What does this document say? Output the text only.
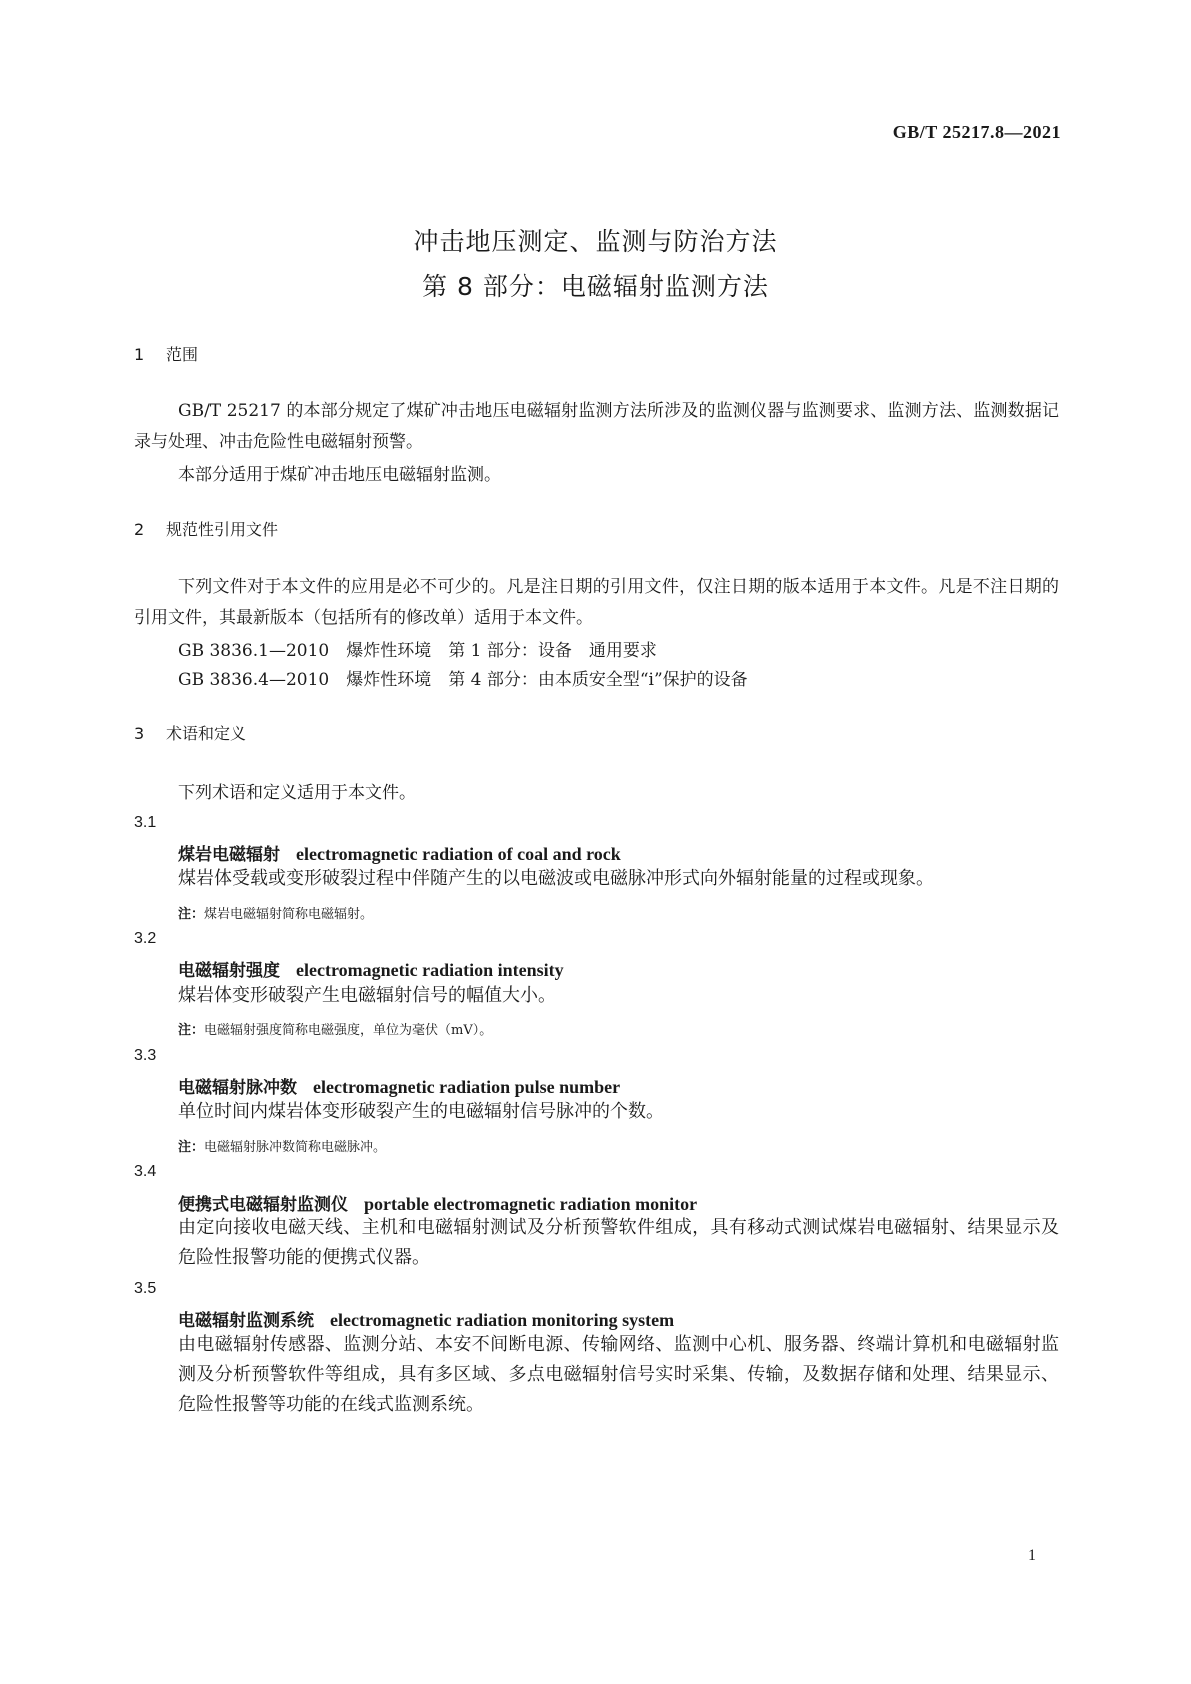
GB/T 25217.8—2021
冲击地压测定、监测与防治方法
第 8 部分：电磁辐射监测方法
1 范围
GB/T 25217 的本部分规定了煤矿冲击地压电磁辐射监测方法所涉及的监测仪器与监测要求、监测方法、监测数据记录与处理、冲击危险性电磁辐射预警。
本部分适用于煤矿冲击地压电磁辐射监测。
2 规范性引用文件
下列文件对于本文件的应用是必不可少的。凡是注日期的引用文件，仅注日期的版本适用于本文件。凡是不注日期的引用文件，其最新版本（包括所有的修改单）适用于本文件。
GB 3836.1—2010　爆炸性环境　第 1 部分：设备　通用要求
GB 3836.4—2010　爆炸性环境　第 4 部分：由本质安全型“i”保护的设备
3 术语和定义
下列术语和定义适用于本文件。
3.1
煤岩电磁辐射 electromagnetic radiation of coal and rock
煤岩体受载或变形破裂过程中伴随产生的以电磁波或电磁脉冲形式向外辐射能量的过程或现象。
注：煤岩电磁辐射简称电磁辐射。
3.2
电磁辐射强度 electromagnetic radiation intensity
煤岩体变形破裂产生电磁辐射信号的幅值大小。
注：电磁辐射强度简称电磁强度，单位为毫伏（mV）。
3.3
电磁辐射脉冲数 electromagnetic radiation pulse number
单位时间内煤岩体变形破裂产生的电磁辐射信号脉冲的个数。
注：电磁辐射脉冲数简称电磁脉冲。
3.4
便携式电磁辐射监测仪 portable electromagnetic radiation monitor
由定向接收电磁天线、主机和电磁辐射测试及分析预警软件组成，具有移动式测试煤岩电磁辐射、结果显示及危险性报警功能的便携式仪器。
3.5
电磁辐射监测系统 electromagnetic radiation monitoring system
由电磁辐射传感器、监测分站、本安不间断电源、传输网络、监测中心机、服务器、终端计算机和电磁辐射监测及分析预警软件等组成，具有多区域、多点电磁辐射信号实时采集、传输，及数据存储和处理、结果显示、危险性报警等功能的在线式监测系统。
1
